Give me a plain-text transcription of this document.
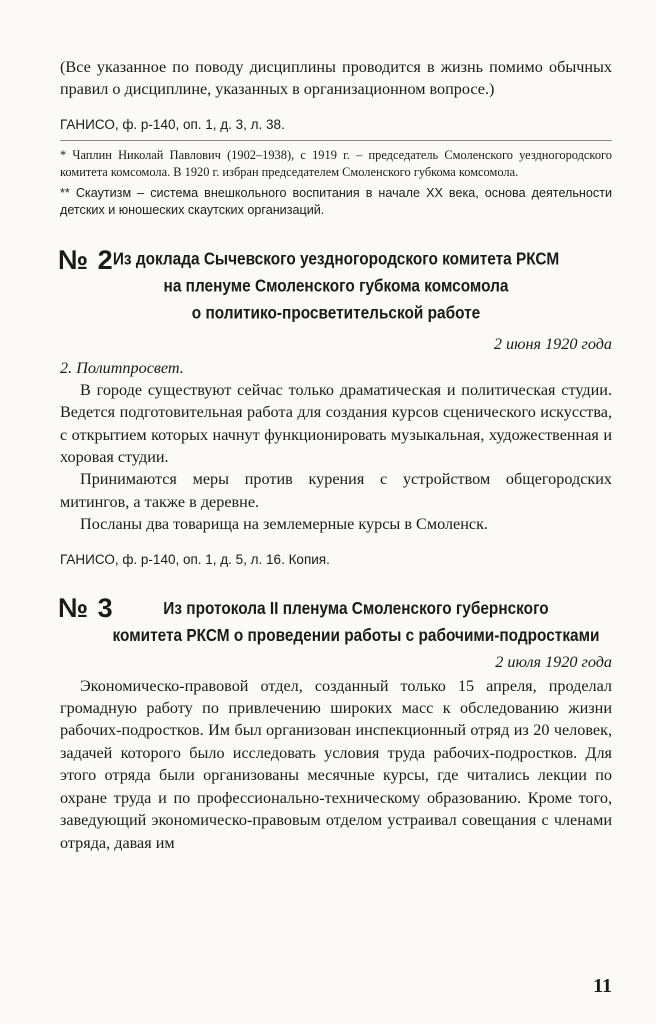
(Все указанное по поводу дисциплины проводится в жизнь помимо обычных правил о дисциплине, указанных в организационном вопросе.)

ГАНИСО, ф. р-140, оп. 1, д. 3, л. 38.

* Чаплин Николай Павлович (1902–1938), с 1919 г. – председатель Смоленского уездногородского комитета комсомола. В 1920 г. избран председателем Смоленского губкома комсомола.

** Скаутизм – система внешкольного воспитания в начале XX века, основа деятельности детских и юношеских скаутских организаций.

№ 2 Из доклада Сычевского уездногородского комитета РКСМ
на пленуме Смоленского губкома комсомола
о политико-просветительской работе

2 июня 1920 года

2. Политпросвет.

В городе существуют сейчас только драматическая и политическая студии. Ведется подготовительная работа для создания курсов сценического искусства, с открытием которых начнут функционировать музыкальная, художественная и хоровая студии.

Принимаются меры против курения с устройством общегородских митингов, а также в деревне.

Посланы два товарища на землемерные курсы в Смоленск.

ГАНИСО, ф. р-140, оп. 1, д. 5, л. 16. Копия.

№ 3	Из протокола II пленума Смоленского губернского
комитета РКСМ о проведении работы с рабочими-подростками

2 июля 1920 года

Экономическо-правовой отдел, созданный только 15 апреля, проделал громадную работу по привлечению широких масс к обследованию жизни рабочих-подростков. Им был организован инспекционный отряд из 20 человек, задачей которого было исследовать условия труда рабочих-подростков. Для этого отряда были организованы месячные курсы, где читались лекции по охране труда и по профессионально-техническому образованию. Кроме того, заведующий экономическо-правовым отделом устраивал совещания с членами отряда, давая им

11
